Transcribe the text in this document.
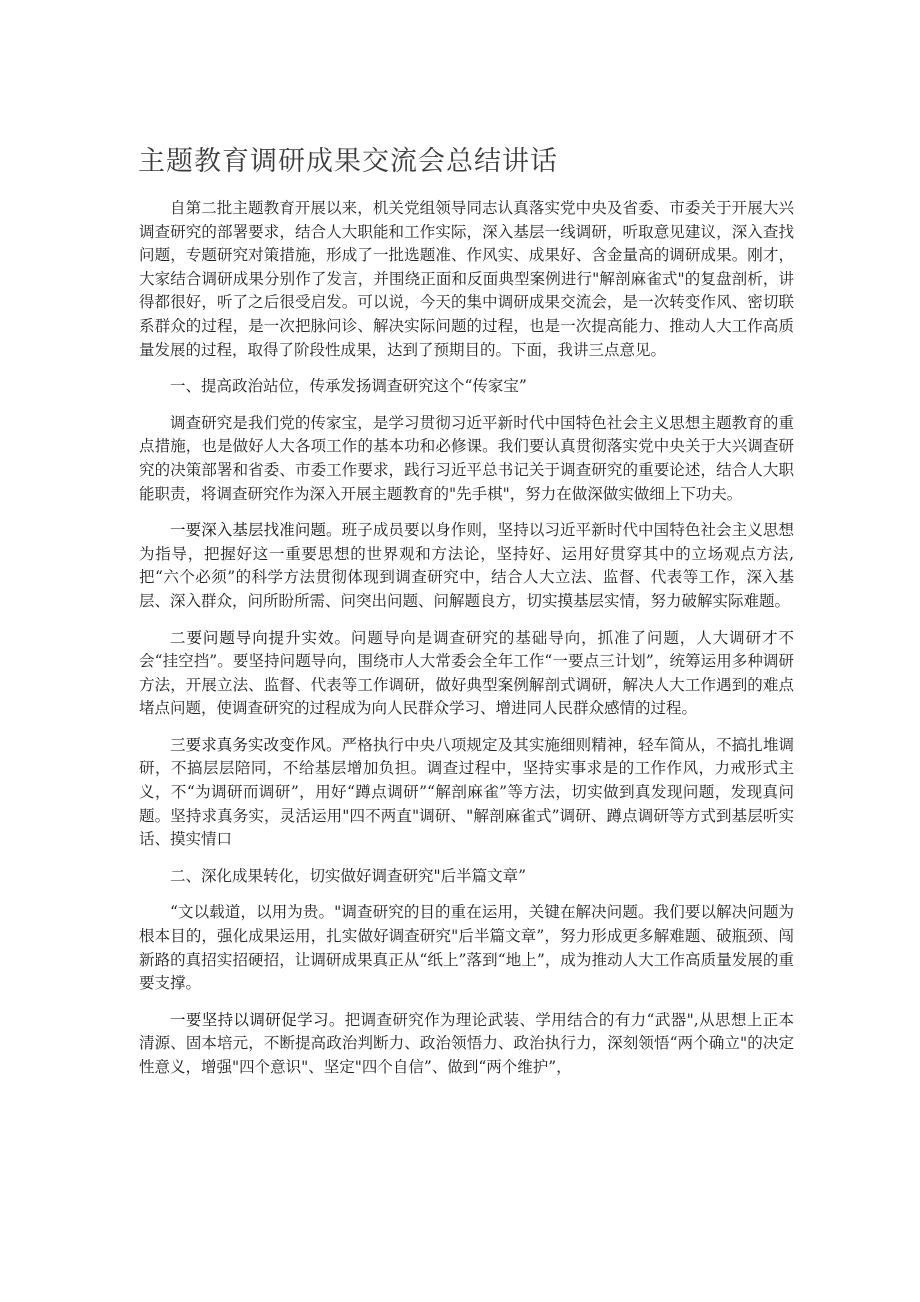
主题教育调研成果交流会总结讲话

自第二批主题教育开展以来，机关党组领导同志认真落实党中央及省委、市委关于开展大兴调查研究的部署要求，结合人大职能和工作实际，深入基层一线调研，听取意见建议，深入查找问题，专题研究对策措施，形成了一批选题准、作风实、成果好、含金量高的调研成果。刚才，大家结合调研成果分别作了发言，并围绕正面和反面典型案例进行"解剖麻雀式"的复盘剖析，讲得都很好，听了之后很受启发。可以说，今天的集中调研成果交流会，是一次转变作风、密切联系群众的过程，是一次把脉问诊、解决实际问题的过程，也是一次提高能力、推动人大工作高质量发展的过程，取得了阶段性成果，达到了预期目的。下面，我讲三点意见。

一、提高政治站位，传承发扬调查研究这个“传家宝”

调查研究是我们党的传家宝，是学习贯彻习近平新时代中国特色社会主义思想主题教育的重点措施，也是做好人大各项工作的基本功和必修课。我们要认真贯彻落实党中央关于大兴调查研究的决策部署和省委、市委工作要求，践行习近平总书记关于调查研究的重要论述，结合人大职能职责，将调查研究作为深入开展主题教育的"先手棋"，努力在做深做实做细上下功夫。

一要深入基层找准问题。班子成员要以身作则，坚持以习近平新时代中国特色社会主义思想为指导，把握好这一重要思想的世界观和方法论，坚持好、运用好贯穿其中的立场观点方法,把“六个必须”的科学方法贯彻体现到调查研究中，结合人大立法、监督、代表等工作，深入基层、深入群众，问所盼所需、问突出问题、问解题良方，切实摸基层实情，努力破解实际难题。

二要问题导向提升实效。问题导向是调查研究的基础导向，抓准了问题，人大调研才不会“挂空挡”。要坚持问题导向，围绕市人大常委会全年工作“一要点三计划”，统筹运用多种调研方法，开展立法、监督、代表等工作调研，做好典型案例解剖式调研，解决人大工作遇到的难点堵点问题，使调查研究的过程成为向人民群众学习、增进同人民群众感情的过程。

三要求真务实改变作风。严格执行中央八项规定及其实施细则精神，轻车简从，不搞扎堆调研，不搞层层陪同，不给基层增加负担。调查过程中，坚持实事求是的工作作风，力戒形式主义，不“为调研而调研”，用好“蹲点调研”“解剖麻雀”等方法，切实做到真发现问题，发现真问题。坚持求真务实，灵活运用"四不两直"调研、"解剖麻雀式”调研、蹲点调研等方式到基层听实话、摸实情口

二、深化成果转化，切实做好调查研究"后半篇文章”

“文以载道，以用为贵。"调查研究的目的重在运用，关键在解决问题。我们要以解决问题为根本目的，强化成果运用，扎实做好调查研究"后半篇文章”，努力形成更多解难题、破瓶颈、闯新路的真招实招硬招，让调研成果真正从“纸上”落到“地上”，成为推动人大工作高质量发展的重要支撑。

一要坚持以调研促学习。把调查研究作为理论武装、学用结合的有力“武器",从思想上正本清源、固本培元，不断提高政治判断力、政治领悟力、政治执行力，深刻领悟“两个确立"的决定性意义，增强"四个意识"、坚定"四个自信”、做到“两个维护”，
